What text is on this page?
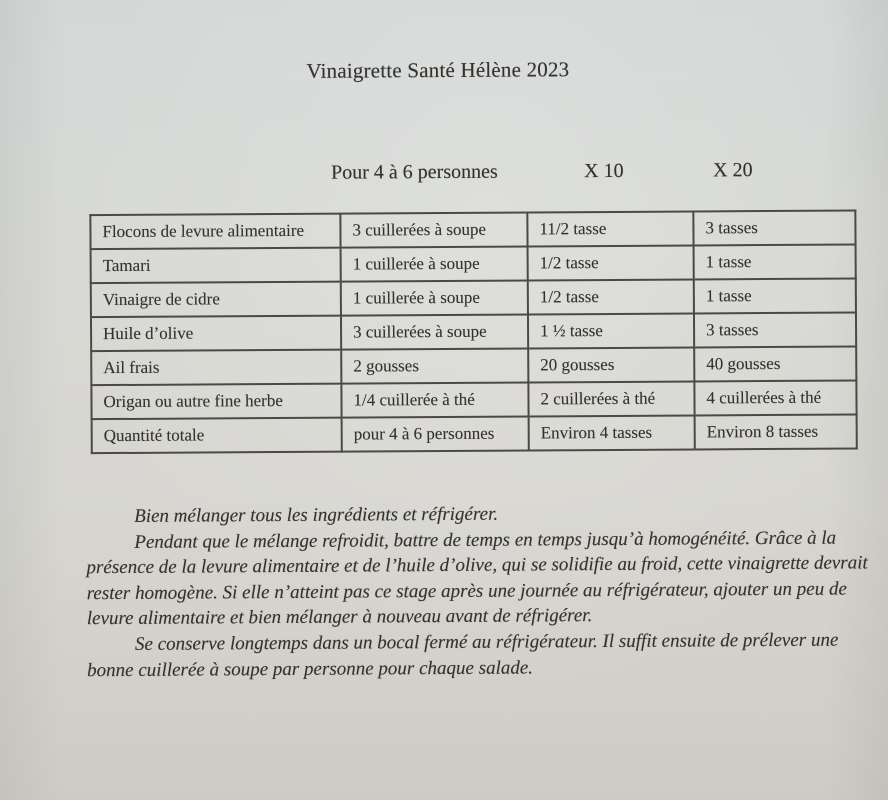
Vinaigrette Santé Hélène 2023
Pour 4 à 6 personnes	X 10	X 20
Flocons de levure alimentaire	3 cuillerées à soupe	11/2 tasse	3 tasses
Tamari	1 cuillerée à soupe	1/2 tasse	1 tasse
Vinaigre de cidre	1 cuillerée à soupe	1/2 tasse	1 tasse
Huile d’olive	3 cuillerées à soupe	1 ½ tasse	3 tasses
Ail frais	2 gousses	20 gousses	40 gousses
Origan ou autre fine herbe	1/4 cuillerée à thé	2 cuillerées à thé	4 cuillerées à thé
Quantité totale	pour 4 à 6 personnes	Environ 4 tasses	Environ 8 tasses

Bien mélanger tous les ingrédients et réfrigérer.

Pendant que le mélange refroidit, battre de temps en temps jusqu’à homogénéité. Grâce à la présence de la levure alimentaire et de l’huile d’olive, qui se solidifie au froid, cette vinaigrette devrait rester homogène. Si elle n’atteint pas ce stage après une journée au réfrigérateur, ajouter un peu de levure alimentaire et bien mélanger à nouveau avant de réfrigérer.

Se conserve longtemps dans un bocal fermé au réfrigérateur. Il suffit ensuite de prélever une bonne cuillerée à soupe par personne pour chaque salade.
